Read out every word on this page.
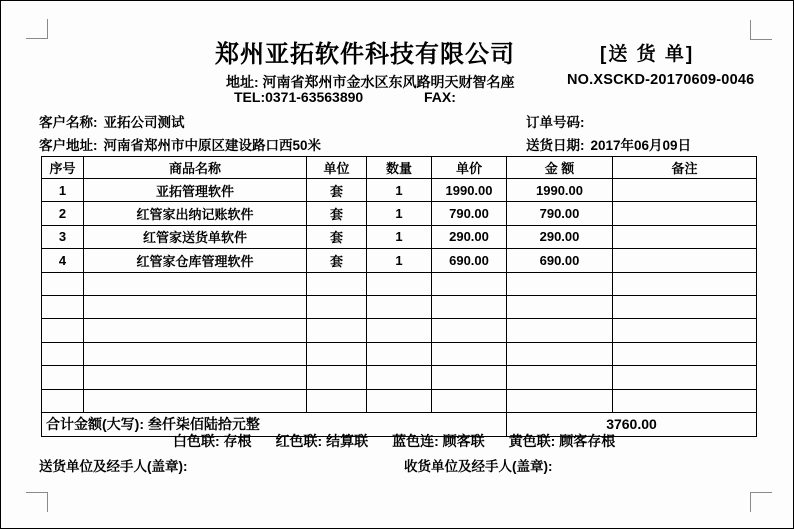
郑州亚拓软件科技有限公司	[送 货 单]
地址: 河南省郑州市金水区东风路明天财智名座	NO.XSCKD-20170609-0046
TEL:0371-63563890	FAX:
客户名称: 亚拓公司测试	订单号码:
客户地址: 河南省郑州市中原区建设路口西50米	送货日期: 2017年06月09日
序号	商品名称	单位	数量	单价	金 额	备注
1	亚拓管理软件	套	1	1990.00	1990.00	
2	红管家出纳记账软件	套	1	790.00	790.00	
3	红管家送货单软件	套	1	290.00	290.00	
4	红管家仓库管理软件	套	1	690.00	690.00	

合计金额(大写): 叁仟柒佰陆拾元整					3760.00	
白色联: 存根 红色联: 结算联 蓝色连: 顾客联 黄色联: 顾客存根
送货单位及经手人(盖章):	收货单位及经手人(盖章):
